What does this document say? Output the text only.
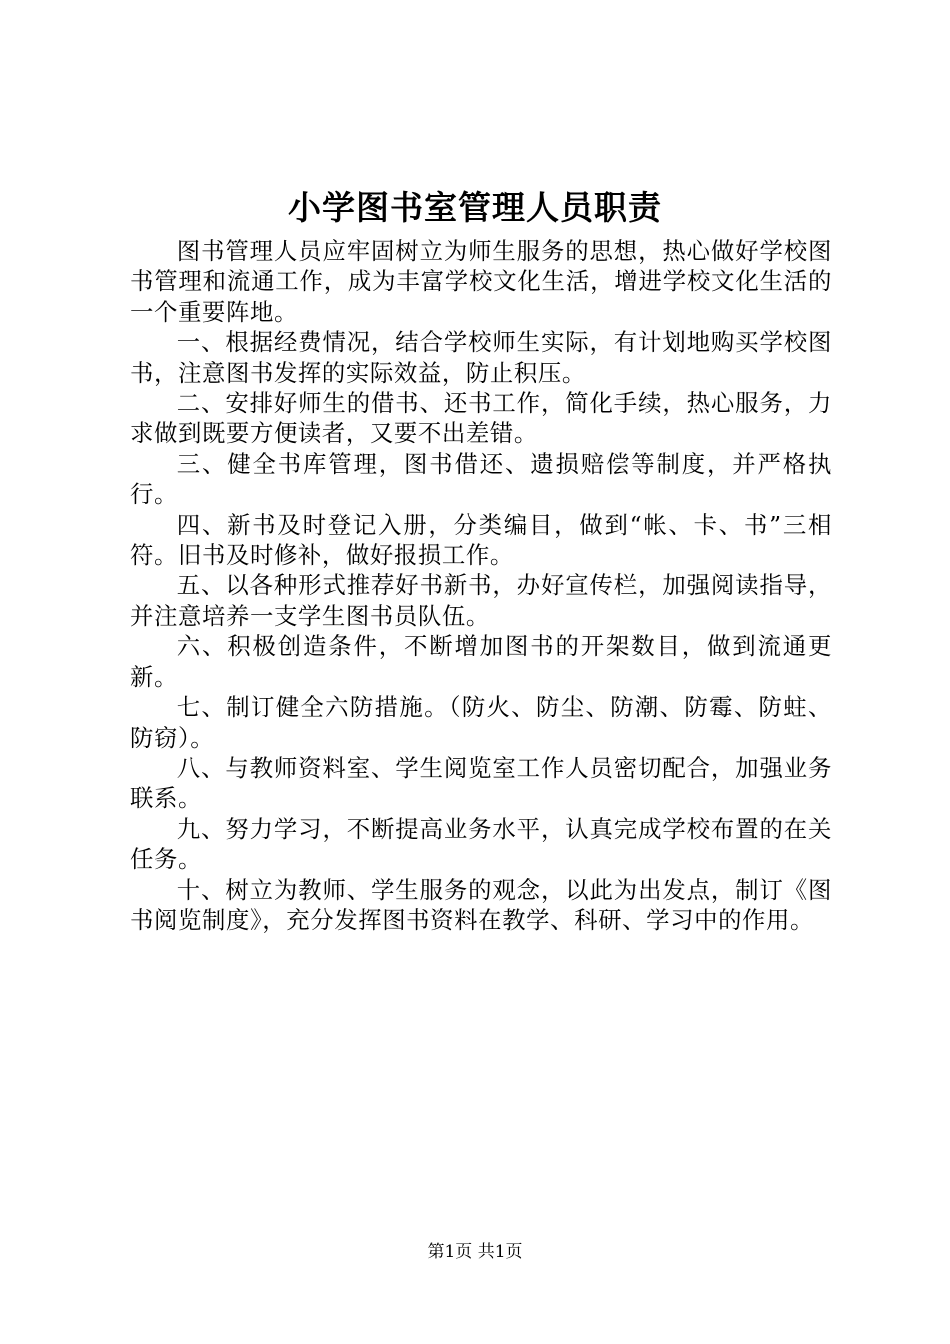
小学图书室管理人员职责

图书管理人员应牢固树立为师生服务的思想，热心做好学校图书管理和流通工作，成为丰富学校文化生活，增进学校文化生活的一个重要阵地。

一、根据经费情况，结合学校师生实际，有计划地购买学校图书，注意图书发挥的实际效益，防止积压。

二、安排好师生的借书、还书工作，简化手续，热心服务，力求做到既要方便读者，又要不出差错。

三、健全书库管理，图书借还、遗损赔偿等制度，并严格执行。

四、新书及时登记入册，分类编目，做到“帐、卡、书”三相符。旧书及时修补，做好报损工作。

五、以各种形式推荐好书新书，办好宣传栏，加强阅读指导，并注意培养一支学生图书员队伍。

六、积极创造条件，不断增加图书的开架数目，做到流通更新。

七、制订健全六防措施。（防火、防尘、防潮、防霉、防蛀、防窃）。

八、与教师资料室、学生阅览室工作人员密切配合，加强业务联系。

九、努力学习，不断提高业务水平，认真完成学校布置的在关任务。

十、树立为教师、学生服务的观念，以此为出发点，制订《图书阅览制度》，充分发挥图书资料在教学、科研、学习中的作用。

第1页 共1页
